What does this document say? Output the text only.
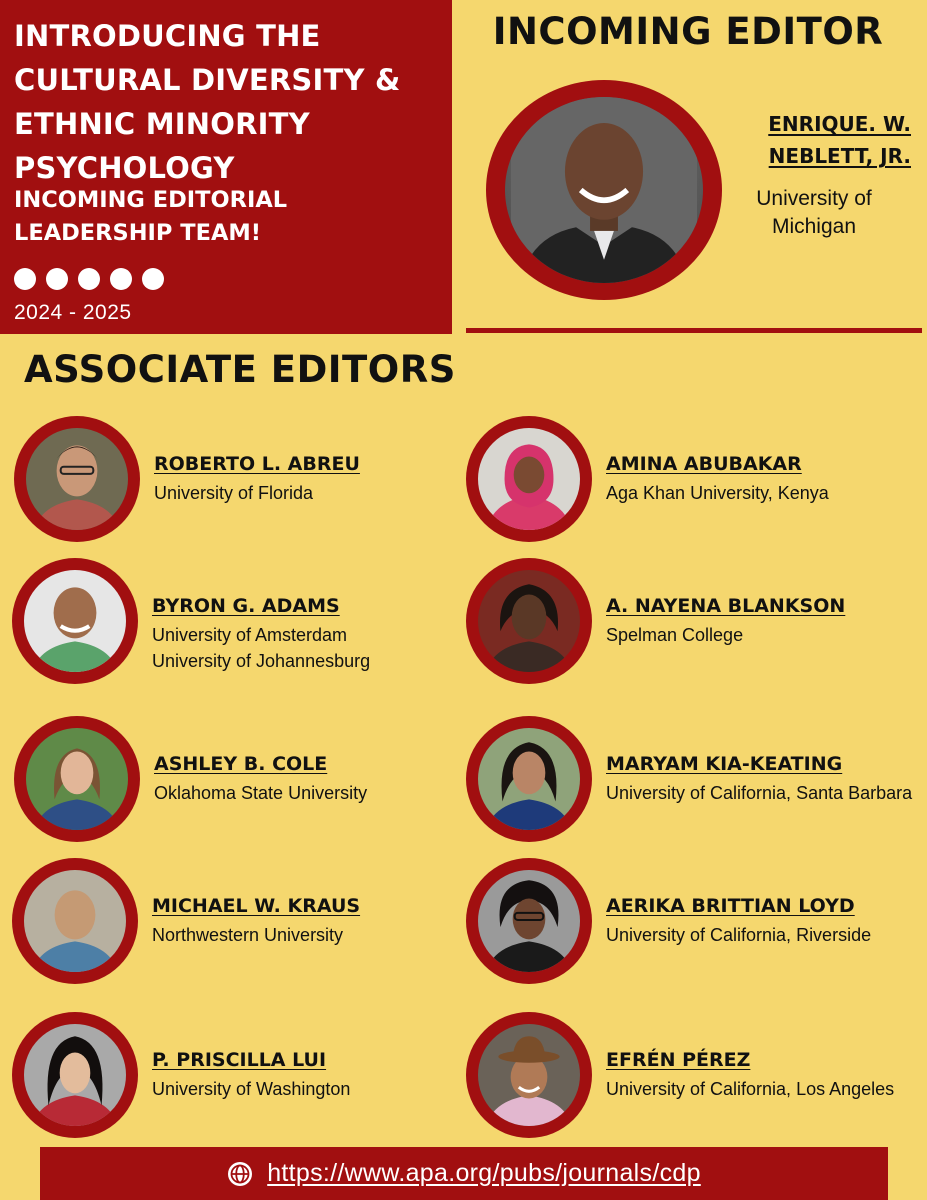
INTRODUCING THE CULTURAL DIVERSITY & ETHNIC MINORITY PSYCHOLOGY
INCOMING EDITORIAL LEADERSHIP TEAM!
2024 - 2025
INCOMING EDITOR
ENRIQUE. W. NEBLETT, JR.
University of Michigan
ASSOCIATE EDITORS
ROBERTO L. ABREU
University of Florida
AMINA ABUBAKAR
Aga Khan University, Kenya
BYRON G. ADAMS
University of Amsterdam
University of Johannesburg
A. NAYENA BLANKSON
Spelman College
ASHLEY B. COLE
Oklahoma State University
MARYAM KIA-KEATING
University of California, Santa Barbara
MICHAEL W. KRAUS
Northwestern University
AERIKA BRITTIAN LOYD
University of California, Riverside
P. PRISCILLA LUI
University of Washington
EFRÉN PÉREZ
University of California, Los Angeles
https://www.apa.org/pubs/journals/cdp
